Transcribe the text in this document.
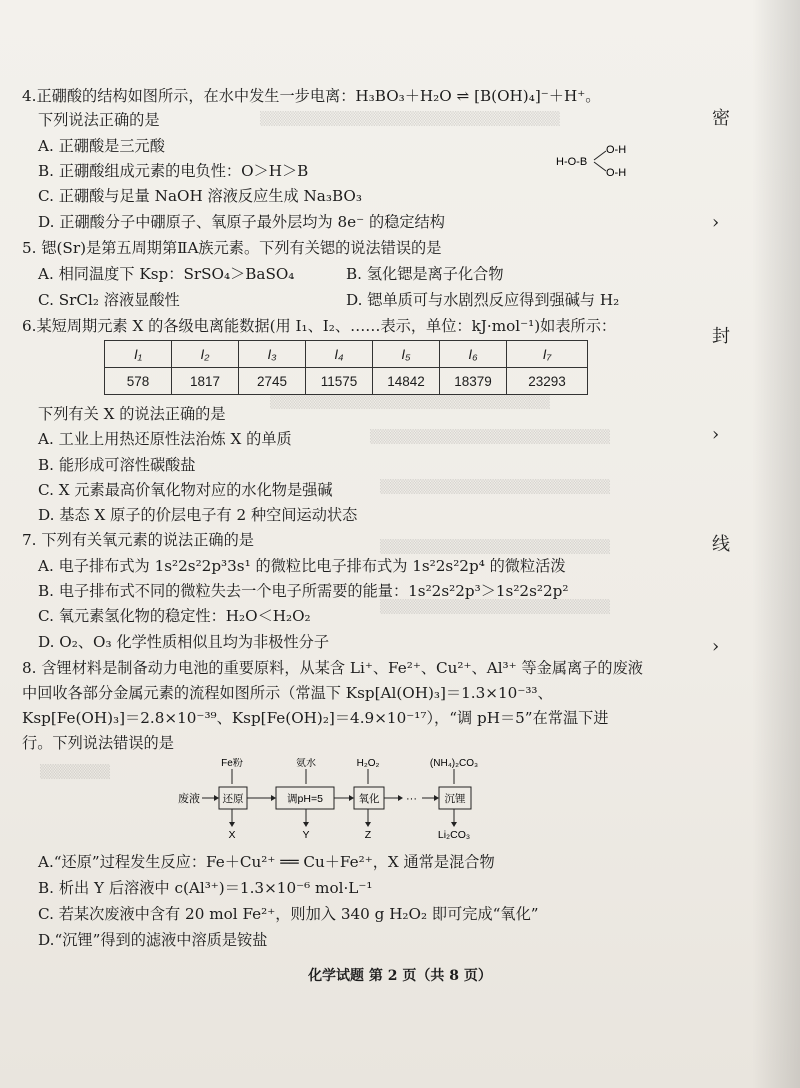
▒▒▒▒▒▒▒▒▒▒▒▒▒▒▒▒▒▒▒▒▒▒▒▒▒▒▒▒▒▒
▒▒▒▒▒▒▒▒▒▒▒▒▒▒▒▒▒▒▒▒▒▒▒▒▒▒▒▒
▒▒▒▒▒▒▒▒▒▒▒▒▒▒▒▒▒▒▒▒▒▒▒▒
▒▒▒▒▒▒▒▒▒▒▒▒▒▒▒▒▒▒▒▒▒▒▒
▒▒▒▒▒▒▒▒▒▒▒▒▒▒▒▒▒▒▒▒▒▒▒
▒▒▒▒▒▒▒▒▒▒▒▒▒▒▒▒▒▒▒▒▒▒▒
▒▒▒▒▒▒▒
4.正硼酸的结构如图所示，在水中发生一步电离：H₃BO₃＋H₂O ⇌ [B(OH)₄]⁻＋H⁺。
下列说法正确的是
A. 正硼酸是三元酸
B. 正硼酸组成元素的电负性：O＞H＞B
C. 正硼酸与足量 NaOH 溶液反应生成 Na₃BO₃
D. 正硼酸分子中硼原子、氧原子最外层均为 8e⁻ 的稳定结构
H-O-B
O-H
O-H
5. 锶(Sr)是第五周期第ⅡA族元素。下列有关锶的说法错误的是
A. 相同温度下 Ksp：SrSO₄＞BaSO₄	B. 氢化锶是离子化合物
C. SrCl₂ 溶液显酸性	D. 锶单质可与水剧烈反应得到强碱与 H₂
6.某短周期元素 X 的各级电离能数据(用 I₁、I₂、……表示，单位：kJ·mol⁻¹)如表所示：
I₁	I₂	I₃	I₄	I₅	I₆	I₇
578	1817	2745	11575	14842	18379	23293
下列有关 X 的说法正确的是
A. 工业上用热还原性法治炼 X 的单质
B. 能形成可溶性碳酸盐
C. X 元素最高价氧化物对应的水化物是强碱
D. 基态 X 原子的价层电子有 2 种空间运动状态
7. 下列有关氧元素的说法正确的是
A. 电子排布式为 1s²2s²2p³3s¹ 的微粒比电子排布式为 1s²2s²2p⁴ 的微粒活泼
B. 电子排布式不同的微粒失去一个电子所需要的能量：1s²2s²2p³＞1s²2s²2p²
C. 氧元素氢化物的稳定性：H₂O＜H₂O₂
D. O₂、O₃ 化学性质相似且均为非极性分子
8. 含锂材料是制备动力电池的重要原料，从某含 Li⁺、Fe²⁺、Cu²⁺、Al³⁺ 等金属离子的废液
中回收各部分金属元素的流程如图所示（常温下 Ksp[Al(OH)₃]＝1.3×10⁻³³、
Ksp[Fe(OH)₃]＝2.8×10⁻³⁹、Ksp[Fe(OH)₂]＝4.9×10⁻¹⁷），“调 pH＝5”在常温下进
行。下列说法错误的是
Fe粉	氨水	H₂O₂	(NH₄)₂CO₃
废液 还原	调pH=5	氧化 ···	沉锂
X	Y	Z	Li₂CO₃
A.“还原”过程发生反应：Fe＋Cu²⁺ ══ Cu＋Fe²⁺，X 通常是混合物
B. 析出 Y 后溶液中 c(Al³⁺)＝1.3×10⁻⁶ mol·L⁻¹
C. 若某次废液中含有 20 mol Fe²⁺，则加入 340 g H₂O₂ 即可完成“氧化”
D.“沉锂”得到的滤液中溶质是铵盐
化学试题 第 2 页（共 8 页）
密
›
封
›
线
›
